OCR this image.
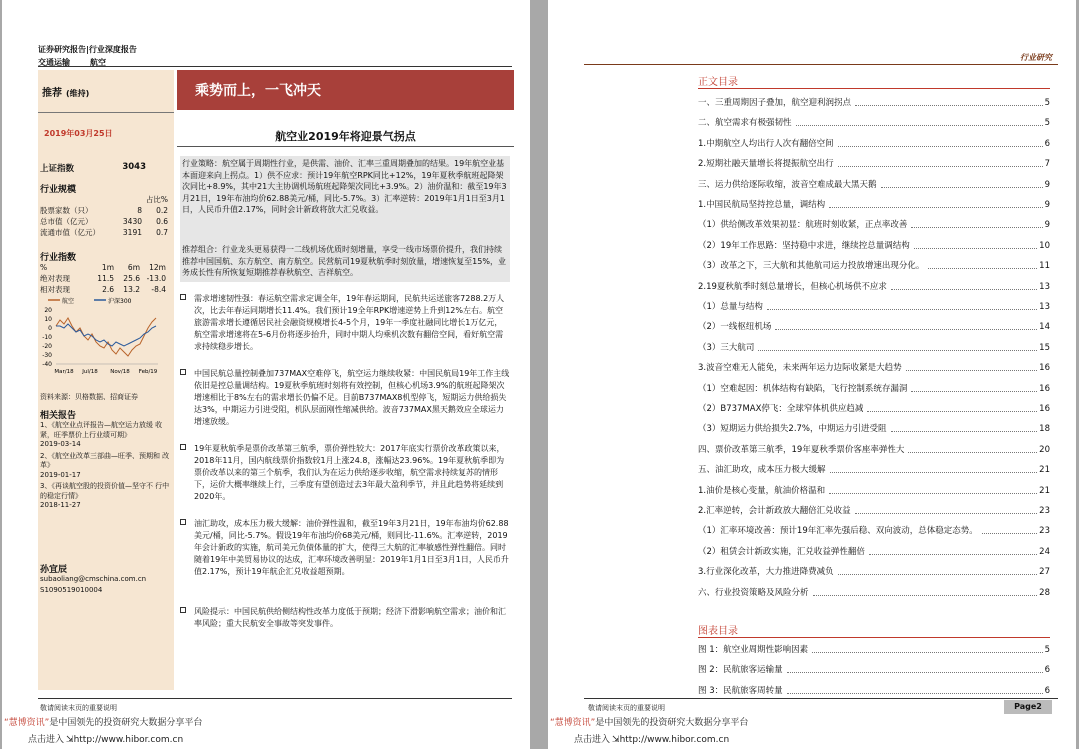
证券研究报告|行业深度报告
交通运输	航空
推荐 (维持)
2019年03月25日
乘势而上，一飞冲天
航空业2019年将迎景气拐点
上证指数	3043
行业规模
占比%
股票家数（只）	8	0.2
总市值（亿元）	3430	0.6
流通市值（亿元）	3191	0.7
行业指数
%	1m	6m	12m
绝对表现	11.5	25.6 -13.0
相对表现	2.6	13.2	-8.4
航空	沪深300
20
10
0
-10
-20
-30
-40
Mar/18 Jul/18 Nov/18 Feb/19
资料来源：贝格数据、招商证券
相关报告
1、《航空业点评报告—航空运力放缓 收紧，旺季票价上行业绩可期》
2019-03-14
2、《航空业改革三部曲—旺季、预期和 改革》
2019-01-17
3、《再谈航空股的投资价值—坚守不 行中的稳定行情》
2018-11-27
孙宜辰
subaoliang@cmschina.com.cn
S1090519010004
行业策略：航空属于周期性行业，是供需、油价、汇率三重周期叠加的结果。19年航空业基本面迎来向上拐点。1）供不应求：预计19年航空RPK同比+12%，19年夏秋季航班起降架次同比+8.9%，其中21大主协调机场航班起降架次同比+3.9%。2）油价温和：截至19年3月21日，19年布油均价62.88美元/桶，同比-5.7%。3）汇率逆转：2019年1月1日至3月1日，人民币升值2.17%，同时会计新政将放大汇兑收益。
推荐组合：行业龙头更易获得一二线机场优质时刻增量，享受一线市场票价提升，我们持续推荐中国国航、东方航空、南方航空。民营航司19夏秋航季时刻放量，增速恢复至15%，业务成长性有所恢复短期推荐春秋航空、吉祥航空。
需求增速韧性强：春运航空需求定调全年，19年春运期间，民航共运送旅客7288.2万人次，比去年春运同期增长11.4%。我们预计19全年RPK增速逆势上升到12%左右。航空旅游需求增长遵循居民社会融资规模增长4-5个月，19年一季度社融同比增长1万亿元，航空需求增速将在5-6月份将逐步抬升，同时中期人均乘机次数有翻倍空间，看好航空需求持续稳步增长。
中国民航总量控制叠加737MAX空难停飞，航空运力继续收紧：中国民航局19年工作主线依旧是控总量调结构。19夏秋季航班时刻将有效控制，但核心机场3.9%的航班起降架次增速相比于8%左右的需求增长仍偏不足。目前B737MAX8机型停飞，短期运力供给损失达3%，中期运力引进受阻，机队层面刚性缩减供给。波音737MAX黑天鹅效应全球运力增速放缓。
19年夏秋航季是票价改革第三航季，票价弹性较大：2017年底实行票价改革政策以来，2018年11月，国内航线票价指数较1月上涨24.8，涨幅达23.96%。19年夏秋航季即为票价改革以来的第三个航季，我们认为在运力供给逐步收缩，航空需求持续复苏的情形下，运价大概率继续上行，三季度有望创造过去3年最大盈利季节，并且此趋势将延续到2020年。
油汇助攻，成本压力极大缓解：油价弹性温和，截至19年3月21日，19年布油均价62.88美元/桶，同比-5.7%。假设19年布油均价68美元/桶，则同比-11.6%。汇率逆转，2019年会计新政的实施，航司美元负债体量的扩大，使得三大航的汇率敏感性弹性翻倍。同时随着19年中美贸易协议的达成，汇率环境改善明显：2019年1月1日至3月1日，人民币升值2.17%，预计19年航企汇兑收益超预期。
风险提示：中国民航供给侧结构性改革力度低于预期；经济下滑影响航空需求；油价和汇率风险；重大民航安全事故等突发事件。
敬请阅读末页的重要说明
“慧博资讯”是中国领先的投资研究大数据分享平台
点击进入 ⇲http://www.hibor.com.cn
行业研究
正文目录
一、三重周期因子叠加，航空迎利润拐点	5
二、航空需求有极强韧性	5
1.中期航空人均出行人次有翻倍空间	6
2.短期社融天量增长将提振航空出行	7
三、运力供给逐际收缩，波音空难成最大黑天鹅	9
1.中国民航局坚持控总量，调结构	9
（1）供给侧改革效果初显：航班时刻收紧，正点率改善	9
（2）19年工作思路：坚持稳中求进，继续控总量调结构	10
（3）改革之下，三大航和其他航司运力投放增速出现分化。	11
2.19夏秋航季时刻总量增长，但核心机场供不应求	13
（1）总量与结构	13
（2）一线枢纽机场	14
（3）三大航司	15
3.波音空难无人能免，未来两年运力边际收紧是大趋势	16
（1）空难起因：机体结构有缺陷，飞行控制系统存漏洞	16
（2）B737MAX停飞：全球窄体机供应趋减	16
（3）短期运力供给损失2.7%，中期运力引进受阻	18
四、票价改革第三航季，19年夏秋季票价客座率弹性大	20
五、油汇助攻，成本压力极大缓解	21
1.油价是核心变量，航油价格温和	21
2.汇率逆转，会计新政放大翻倍汇兑收益	23
（1）汇率环境改善：预计19年汇率先强后稳、双向波动，总体稳定态势。	23
（2）租赁会计新政实施，汇兑收益弹性翻倍	24
3.行业深化改革，大力推进降费减负	27
六、行业投资策略及风险分析	28
图表目录
图 1：航空业周期性影响因素	5
图 2：民航旅客运输量	6
图 3：民航旅客周转量	6
敬请阅读末页的重要说明	Page2
“慧博资讯”是中国领先的投资研究大数据分享平台
点击进入 ⇲http://www.hibor.com.cn
